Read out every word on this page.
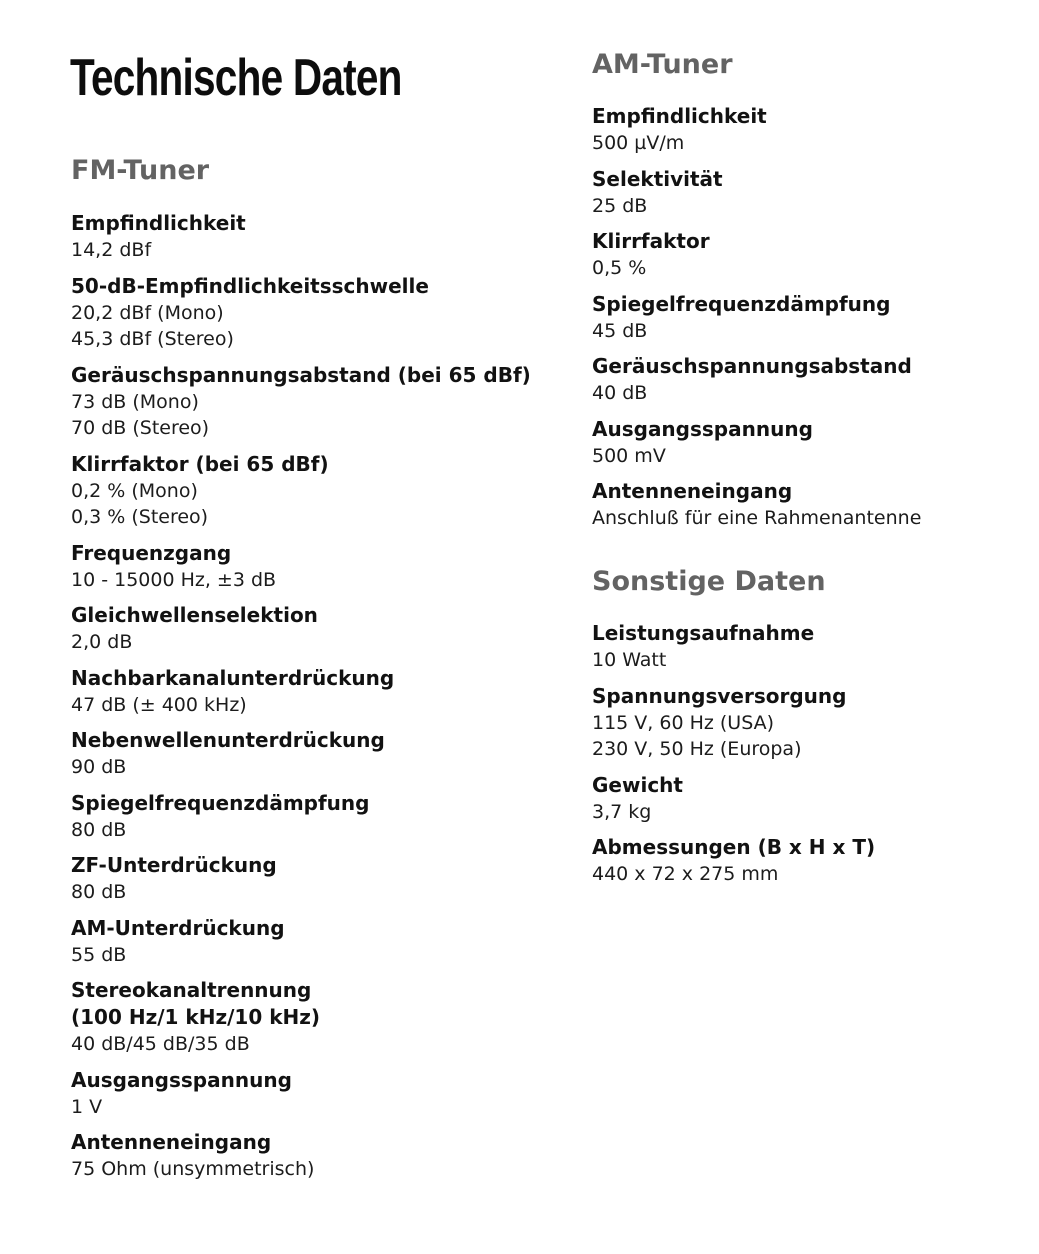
Technische Daten
FM-Tuner
Empfindlichkeit
14,2 dBf
50-dB-Empfindlichkeitsschwelle
20,2 dBf (Mono)
45,3 dBf (Stereo)
Geräuschspannungsabstand (bei 65 dBf)
73 dB (Mono)
70 dB (Stereo)
Klirrfaktor (bei 65 dBf)
0,2 % (Mono)
0,3 % (Stereo)
Frequenzgang
10 - 15000 Hz, ±3 dB
Gleichwellenselektion
2,0 dB
Nachbarkanalunterdrückung
47 dB (± 400 kHz)
Nebenwellenunterdrückung
90 dB
Spiegelfrequenzdämpfung
80 dB
ZF-Unterdrückung
80 dB
AM-Unterdrückung
55 dB
Stereokanaltrennung
(100 Hz/1 kHz/10 kHz)
40 dB/45 dB/35 dB
Ausgangsspannung
1 V
Antenneneingang
75 Ohm (unsymmetrisch)
AM-Tuner
Empfindlichkeit
500 µV/m
Selektivität
25 dB
Klirrfaktor
0,5 %
Spiegelfrequenzdämpfung
45 dB
Geräuschspannungsabstand
40 dB
Ausgangsspannung
500 mV
Antenneneingang
Anschluß für eine Rahmenantenne
Sonstige Daten
Leistungsaufnahme
10 Watt
Spannungsversorgung
115 V, 60 Hz (USA)
230 V, 50 Hz (Europa)
Gewicht
3,7 kg
Abmessungen (B x H x T)
440 x 72 x 275 mm
